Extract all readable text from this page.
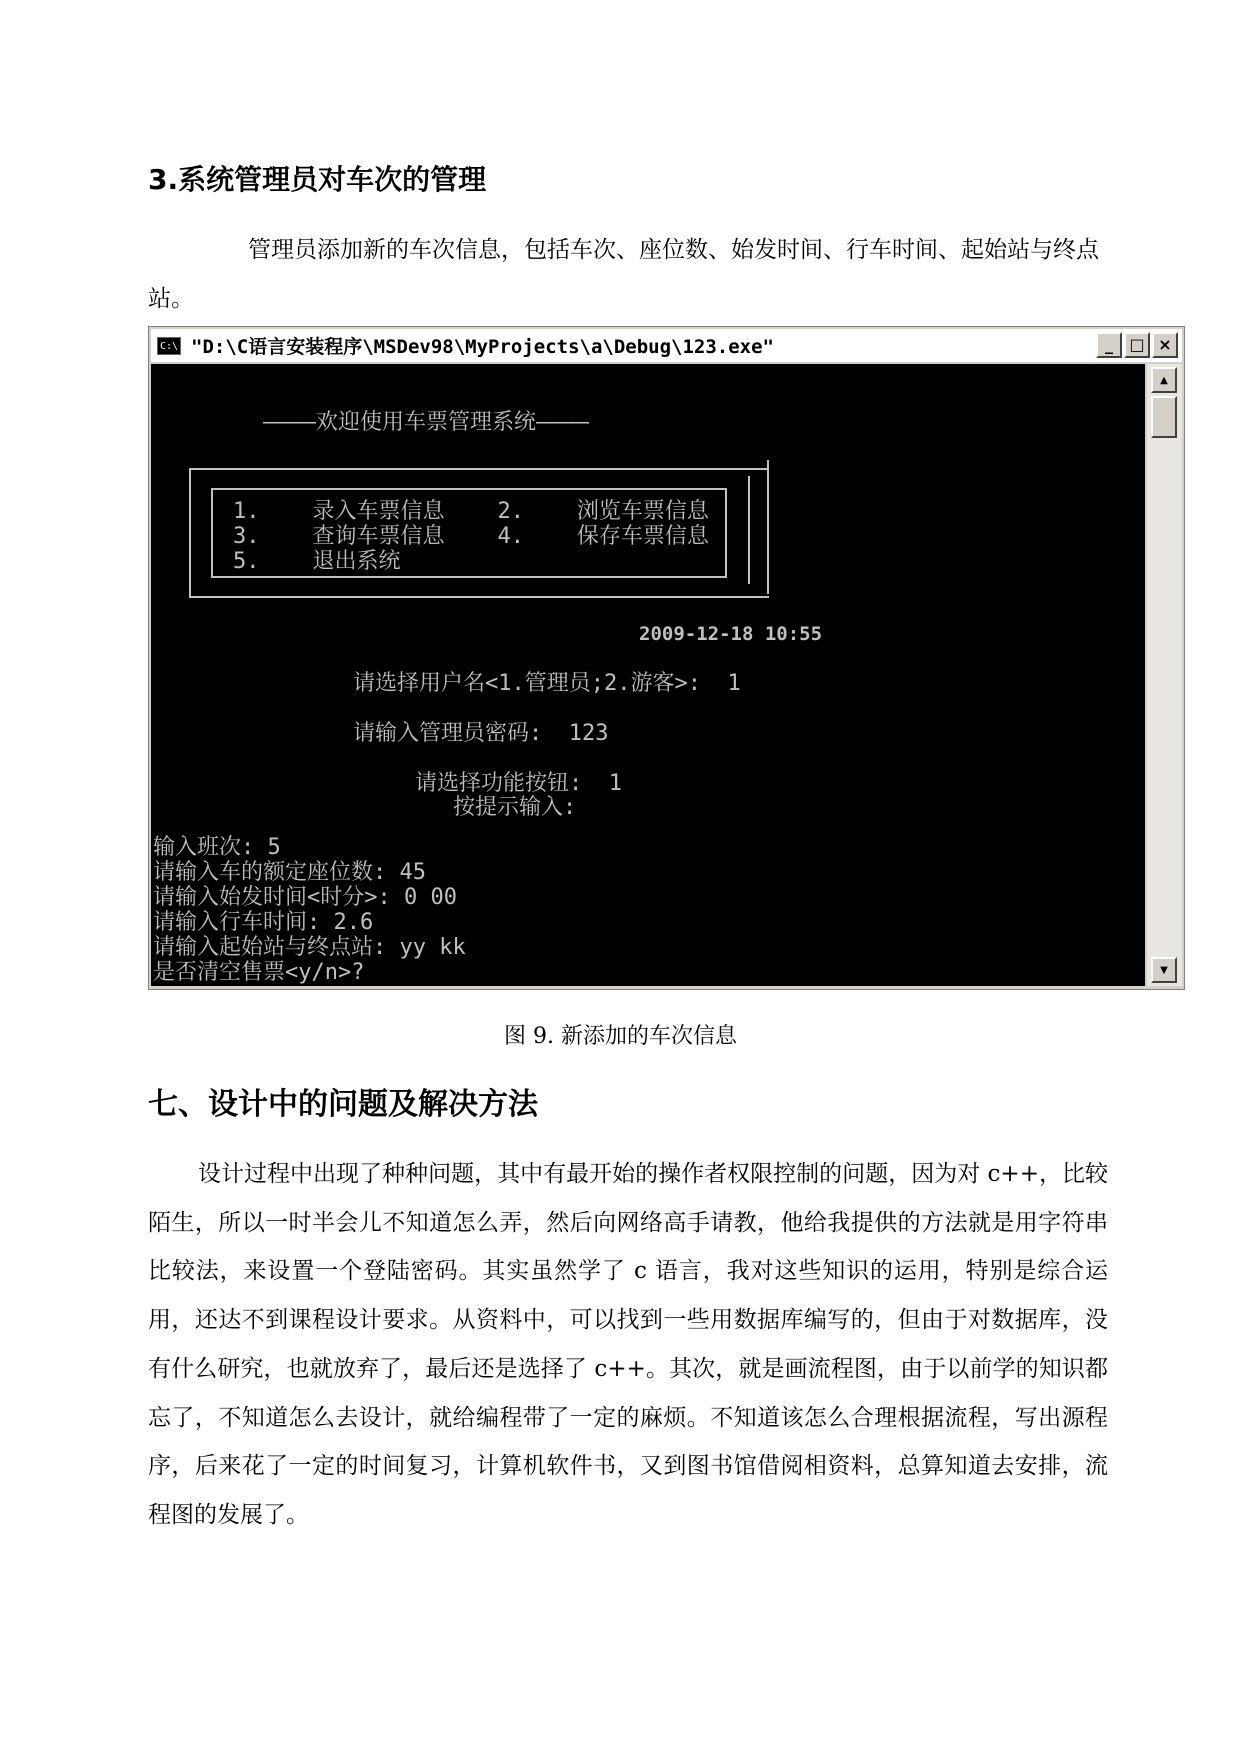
3.系统管理员对车次的管理

管理员添加新的车次信息，包括车次、座位数、始发时间、行车时间、起始站与终点站。

C:\ "D:\C语言安装程序\MSDev98\MyProjects\a\Debug\123.exe"	_	□ ×
————欢迎使用车票管理系统————
1.    录入车票信息    2.    浏览车票信息
3.    查询车票信息    4.    保存车票信息
5.    退出系统
2009-12-18 10:55
请选择用户名<1.管理员;2.游客>:  1
请输入管理员密码:  123
请选择功能按钮:  1
按提示输入:
输入班次: 5
请输入车的额定座位数: 45
请输入始发时间<时分>: 0 00
请输入行车时间: 2.6
请输入起始站与终点站: yy kk
是否清空售票<y/n>?
▲
▼

图 9. 新添加的车次信息

七、设计中的问题及解决方法

设计过程中出现了种种问题，其中有最开始的操作者权限控制的问题，因为对 c++，比较陌生，所以一时半会儿不知道怎么弄，然后向网络高手请教，他给我提供的方法就是用字符串比较法，来设置一个登陆密码。其实虽然学了 c 语言，我对这些知识的运用，特别是综合运用，还达不到课程设计要求。从资料中，可以找到一些用数据库编写的，但由于对数据库，没有什么研究，也就放弃了，最后还是选择了 c++。其次，就是画流程图，由于以前学的知识都忘了，不知道怎么去设计，就给编程带了一定的麻烦。不知道该怎么合理根据流程，写出源程序，后来花了一定的时间复习，计算机软件书，又到图书馆借阅相资料，总算知道去安排，流程图的发展了。
